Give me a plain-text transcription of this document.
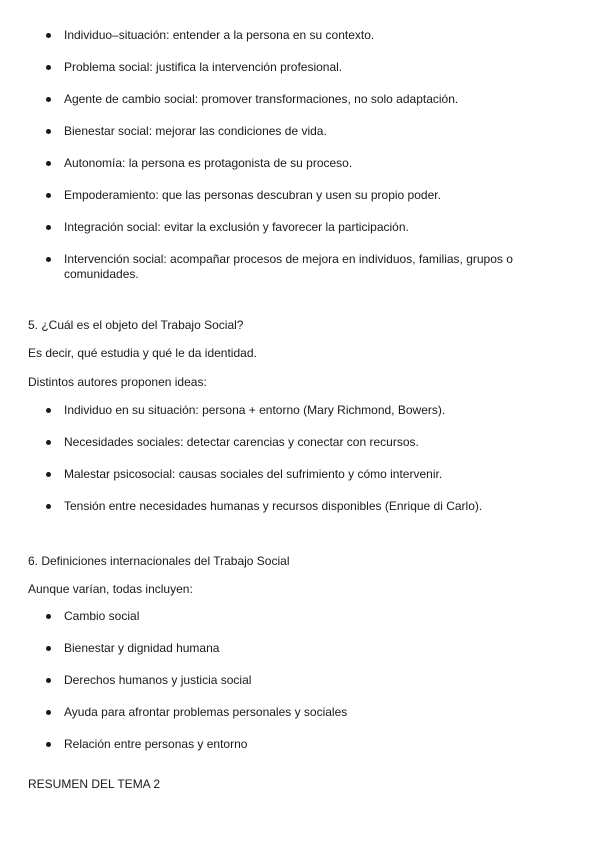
Individuo–situación: entender a la persona en su contexto.
Problema social: justifica la intervención profesional.
Agente de cambio social: promover transformaciones, no solo adaptación.
Bienestar social: mejorar las condiciones de vida.
Autonomía: la persona es protagonista de su proceso.
Empoderamiento: que las personas descubran y usen su propio poder.
Integración social: evitar la exclusión y favorecer la participación.
Intervención social: acompañar procesos de mejora en individuos, familias, grupos o comunidades.
5. ¿Cuál es el objeto del Trabajo Social?
Es decir, qué estudia y qué le da identidad.
Distintos autores proponen ideas:
Individuo en su situación: persona + entorno (Mary Richmond, Bowers).
Necesidades sociales: detectar carencias y conectar con recursos.
Malestar psicosocial: causas sociales del sufrimiento y cómo intervenir.
Tensión entre necesidades humanas y recursos disponibles (Enrique di Carlo).
6. Definiciones internacionales del Trabajo Social
Aunque varían, todas incluyen:
Cambio social
Bienestar y dignidad humana
Derechos humanos y justicia social
Ayuda para afrontar problemas personales y sociales
Relación entre personas y entorno
RESUMEN DEL TEMA 2
